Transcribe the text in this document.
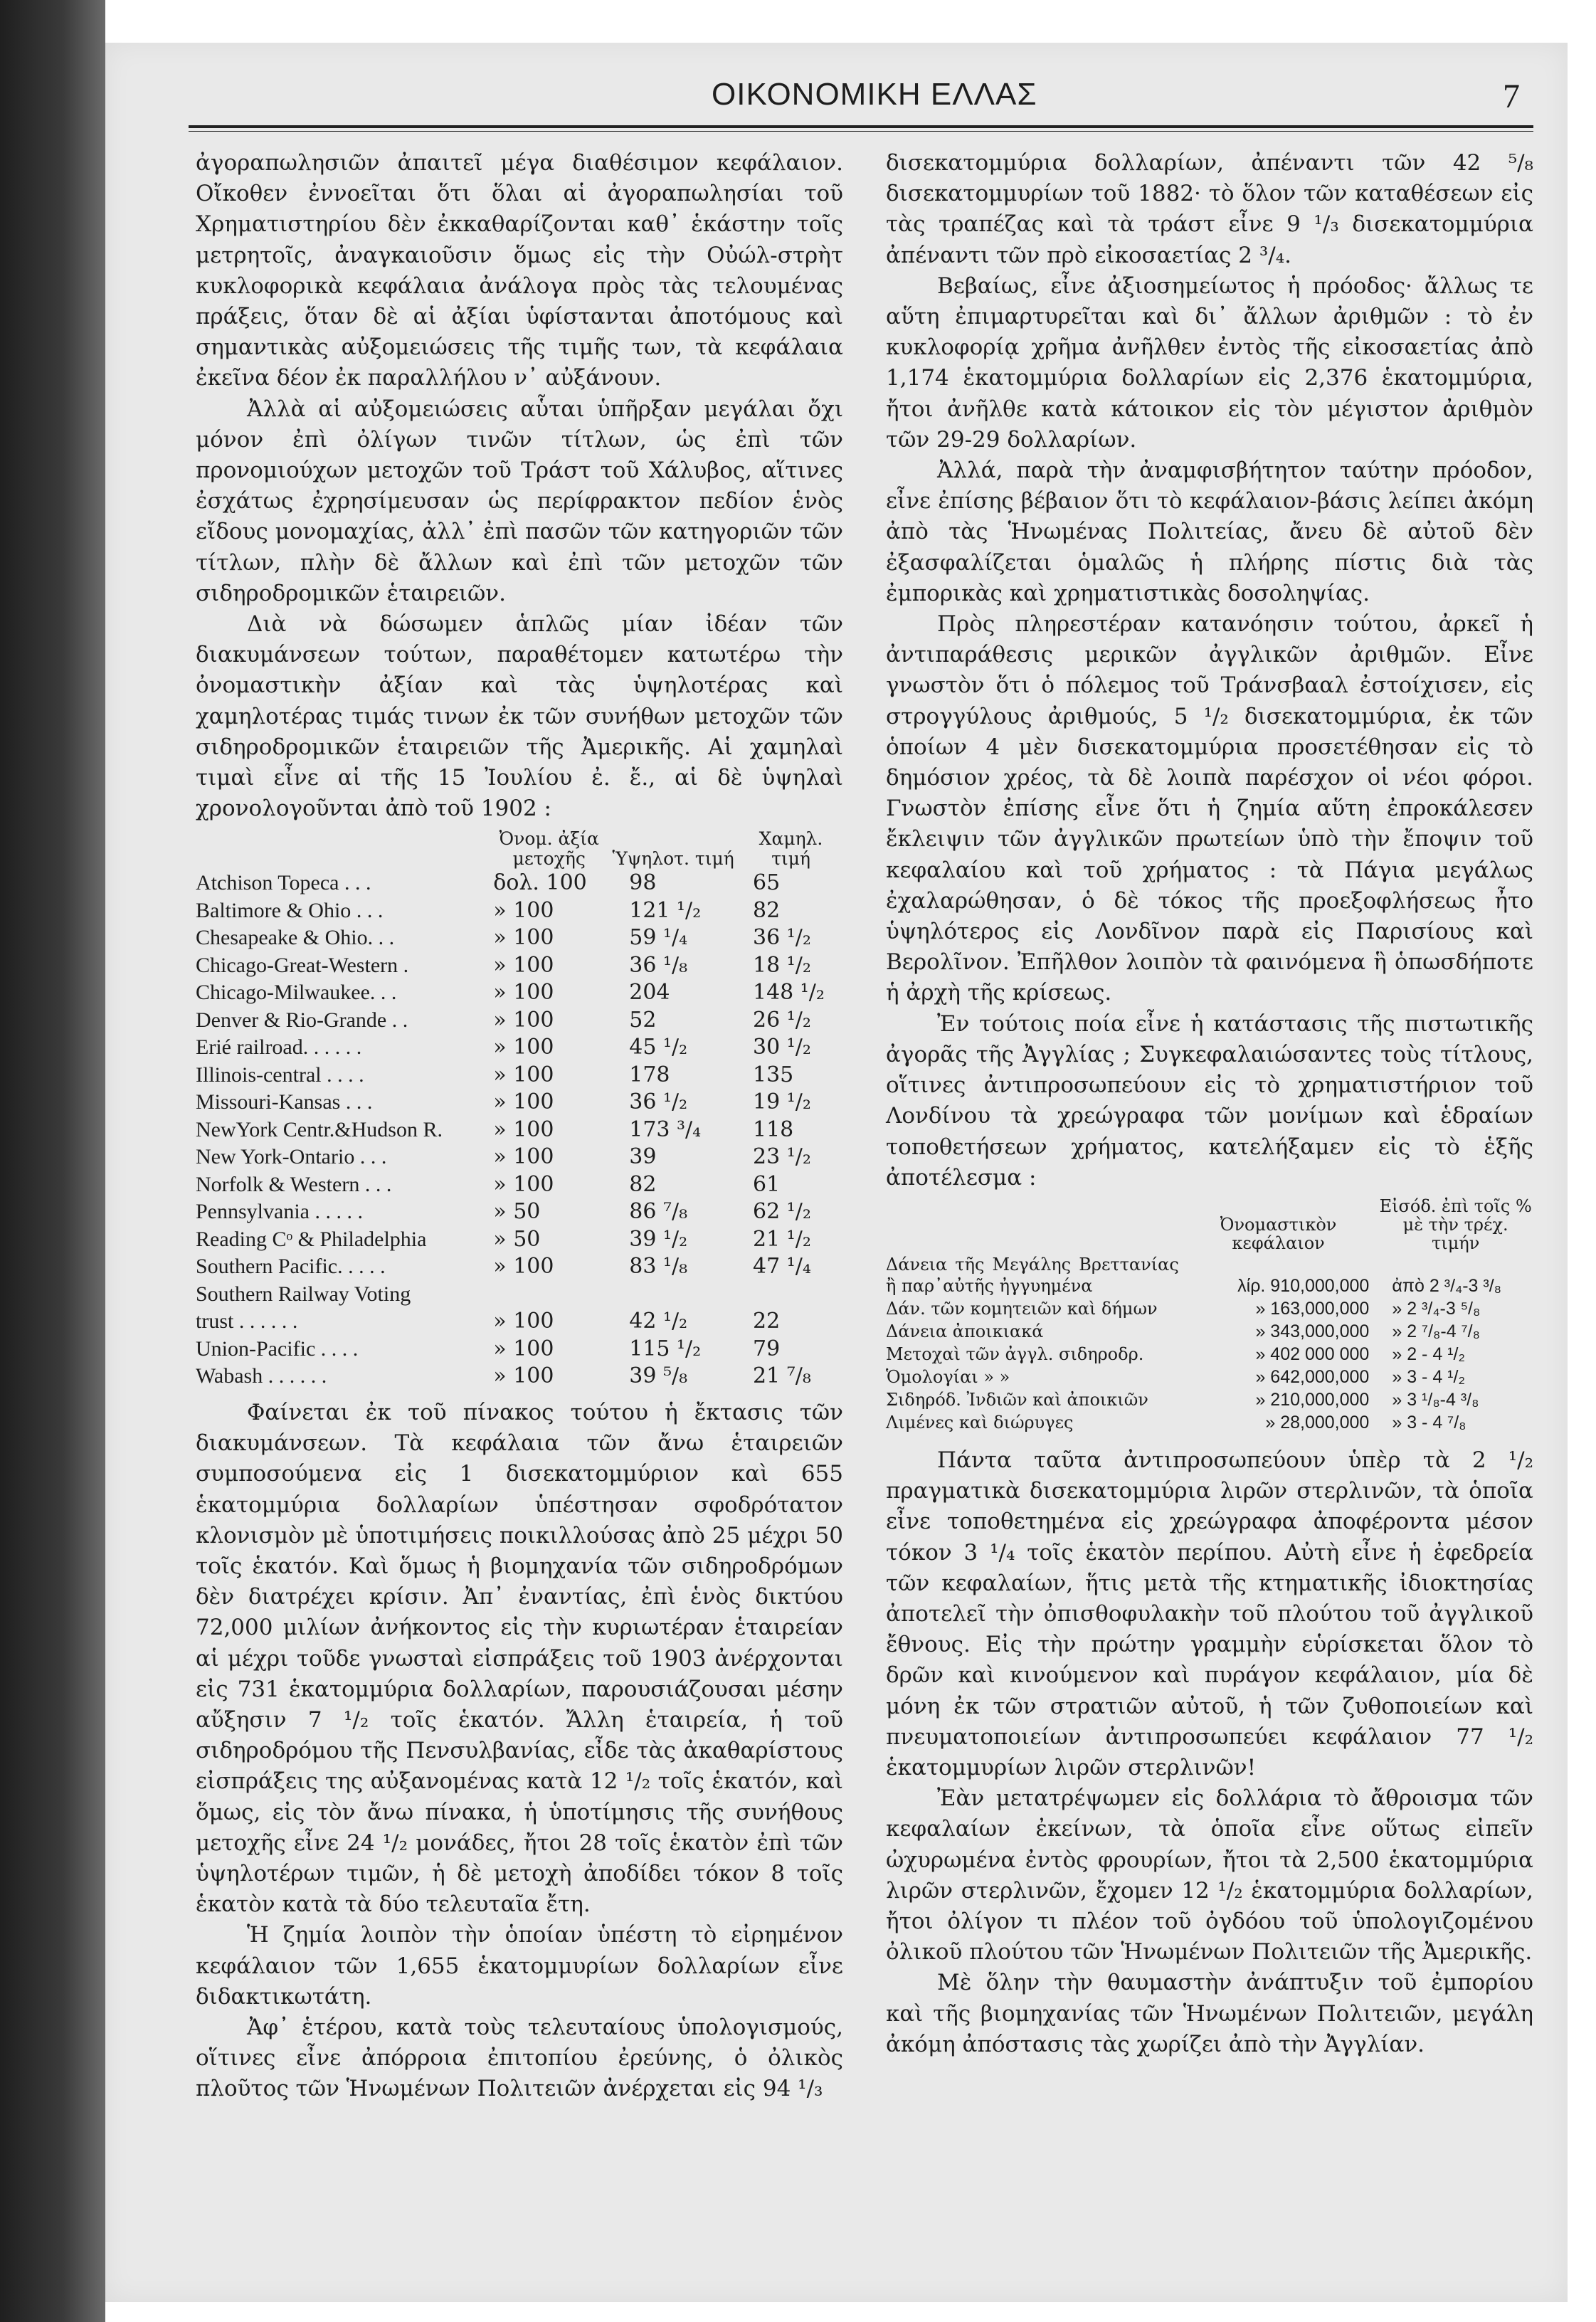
ΟΙΚΟΝΟΜΙΚΗ ΕΛΛΑΣ	7

ἀγοραπωλησιῶν ἀπαιτεῖ μέγα διαθέσιμον κεφάλαιον. Οἴκοθεν ἐννοεῖται ὅτι ὅλαι αἱ ἀγοραπωλησίαι τοῦ Χρηματιστηρίου δὲν ἐκκαθαρίζονται καθ᾽ ἑκάστην τοῖς μετρητοῖς, ἀναγκαιοῦσιν ὅμως εἰς τὴν Οὐώλ-στρὴτ κυκλοφορικὰ κεφάλαια ἀνάλογα πρὸς τὰς τελουμένας πράξεις, ὅταν δὲ αἱ ἀξίαι ὑφίστανται ἀποτόμους καὶ σημαντικὰς αὐξομειώσεις τῆς τιμῆς των, τὰ κεφάλαια ἐκεῖνα δέον ἐκ παραλλήλου ν᾽ αὐξάνουν.

Ἀλλὰ αἱ αὐξομειώσεις αὗται ὑπῆρξαν μεγάλαι ὄχι μόνον ἐπὶ ὀλίγων τινῶν τίτλων, ὡς ἐπὶ τῶν προνομιούχων μετοχῶν τοῦ Τράστ τοῦ Χάλυβος, αἵτινες ἐσχάτως ἐχρησίμευσαν ὡς περίφρακτον πεδίον ἑνὸς εἴδους μονομαχίας, ἀλλ᾽ ἐπὶ πασῶν τῶν κατηγοριῶν τῶν τίτλων, πλὴν δὲ ἄλλων καὶ ἐπὶ τῶν μετοχῶν τῶν σιδηροδρομικῶν ἑταιρειῶν.

Διὰ νὰ δώσωμεν ἁπλῶς μίαν ἰδέαν τῶν διακυμάνσεων τούτων, παραθέτομεν κατωτέρω τὴν ὀνομαστικὴν ἀξίαν καὶ τὰς ὑψηλοτέρας καὶ χαμηλοτέρας τιμάς τινων ἐκ τῶν συνήθων μετοχῶν τῶν σιδηροδρομικῶν ἑταιρειῶν τῆς Ἀμερικῆς. Αἱ χαμηλαὶ τιμαὶ εἶνε αἱ τῆς 15 Ἰουλίου ἐ. ἔ., αἱ δὲ ὑψηλαὶ χρονολογοῦνται ἀπὸ τοῦ 1902 :

	Ὀνομ. ἀξία μετοχῆς	Ὑψηλοτ. τιμή	Χαμηλ. τιμή
Atchison Topeca . . .	δολ. 100	98	65
Baltimore & Ohio . . .	» 100	121 ¹/₂	82
Chesapeake & Ohio. . .	» 100	59 ¹/₄	36 ¹/₂
Chicago-Great-Western .	» 100	36 ¹/₈	18 ¹/₂
Chicago-Milwaukee. . .	» 100	204	148 ¹/₂
Denver & Rio-Grande . .	» 100	52	26 ¹/₂
Erié railroad. . . . . .	» 100	45 ¹/₂	30 ¹/₂
Illinois-central . . . .	» 100	178	135
Missouri-Kansas . . .	» 100	36 ¹/₂	19 ¹/₂
NewYork Centr.&Hudson R.	» 100	173 ³/₄	118
New York-Ontario . . .	» 100	39	23 ¹/₂
Norfolk & Western . . .	» 100	82	61
Pennsylvania . . . . .	» 50	86 ⁷/₈	62 ¹/₂
Reading Cᵒ & Philadelphia	» 50	39 ¹/₂	21 ¹/₂
Southern Pacific. . . . .	» 100	83 ¹/₈	47 ¹/₄
Southern Railway Voting			
trust . . . . . .	» 100	42 ¹/₂	22
Union-Pacific . . . .	» 100	115 ¹/₂	79
Wabash . . . . . .	» 100	39 ⁵/₈	21 ⁷/₈

Φαίνεται ἐκ τοῦ πίνακος τούτου ἡ ἔκτασις τῶν διακυμάνσεων. Τὰ κεφάλαια τῶν ἄνω ἑταιρειῶν συμποσούμενα εἰς 1 δισεκατομμύριον καὶ 655 ἑκατομμύρια δολλαρίων ὑπέστησαν σφοδρότατον κλονισμὸν μὲ ὑποτιμήσεις ποικιλλούσας ἀπὸ 25 μέχρι 50 τοῖς ἑκατόν. Καὶ ὅμως ἡ βιομηχανία τῶν σιδηροδρόμων δὲν διατρέχει κρίσιν. Ἀπ᾽ ἐναντίας, ἐπὶ ἑνὸς δικτύου 72,000 μιλίων ἀνήκοντος εἰς τὴν κυριωτέραν ἑταιρείαν αἱ μέχρι τοῦδε γνωσταὶ εἰσπράξεις τοῦ 1903 ἀνέρχονται εἰς 731 ἑκατομμύρια δολλαρίων, παρουσιάζουσαι μέσην αὔξησιν 7 ¹/₂ τοῖς ἑκατόν. Ἄλλη ἑταιρεία, ἡ τοῦ σιδηροδρόμου τῆς Πενσυλβανίας, εἶδε τὰς ἀκαθαρίστους εἰσπράξεις της αὐξανομένας κατὰ 12 ¹/₂ τοῖς ἑκατόν, καὶ ὅμως, εἰς τὸν ἄνω πίνακα, ἡ ὑποτίμησις τῆς συνήθους μετοχῆς εἶνε 24 ¹/₂ μονάδες, ἤτοι 28 τοῖς ἑκατὸν ἐπὶ τῶν ὑψηλοτέρων τιμῶν, ἡ δὲ μετοχὴ ἀποδίδει τόκον 8 τοῖς ἑκατὸν κατὰ τὰ δύο τελευταῖα ἔτη.

Ἡ ζημία λοιπὸν τὴν ὁποίαν ὑπέστη τὸ εἰρημένον κεφάλαιον τῶν 1,655 ἑκατομμυρίων δολλαρίων εἶνε διδακτικωτάτη.

Ἀφ᾽ ἑτέρου, κατὰ τοὺς τελευταίους ὑπολογισμούς, οἵτινες εἶνε ἀπόρροια ἐπιτοπίου ἐρεύνης, ὁ ὀλικὸς πλοῦτος τῶν Ἡνωμένων Πολιτειῶν ἀνέρχεται εἰς 94 ¹/₃

δισεκατομμύρια δολλαρίων, ἀπέναντι τῶν 42 ⁵/₈ δισεκατομμυρίων τοῦ 1882· τὸ ὅλον τῶν καταθέσεων εἰς τὰς τραπέζας καὶ τὰ τράστ εἶνε 9 ¹/₃ δισεκατομμύρια ἀπέναντι τῶν πρὸ εἰκοσαετίας 2 ³/₄.

Βεβαίως, εἶνε ἀξιοσημείωτος ἡ πρόοδος· ἄλλως τε αὕτη ἐπιμαρτυρεῖται καὶ δι᾽ ἄλλων ἀριθμῶν : τὸ ἐν κυκλοφορίᾳ χρῆμα ἀνῆλθεν ἐντὸς τῆς εἰκοσαετίας ἀπὸ 1,174 ἑκατομμύρια δολλαρίων εἰς 2,376 ἑκατομμύρια, ἤτοι ἀνῆλθε κατὰ κάτοικον εἰς τὸν μέγιστον ἀριθμὸν τῶν 29-29 δολλαρίων.

Ἀλλά, παρὰ τὴν ἀναμφισβήτητον ταύτην πρόοδον, εἶνε ἐπίσης βέβαιον ὅτι τὸ κεφάλαιον-βάσις λείπει ἀκόμη ἀπὸ τὰς Ἡνωμένας Πολιτείας, ἄνευ δὲ αὐτοῦ δὲν ἐξασφαλίζεται ὁμαλῶς ἡ πλήρης πίστις διὰ τὰς ἐμπορικὰς καὶ χρηματιστικὰς δοσοληψίας.

Πρὸς πληρεστέραν κατανόησιν τούτου, ἀρκεῖ ἡ ἀντιπαράθεσις μερικῶν ἀγγλικῶν ἀριθμῶν. Εἶνε γνωστὸν ὅτι ὁ πόλεμος τοῦ Τράνσβααλ ἐστοίχισεν, εἰς στρογγύλους ἀριθμούς, 5 ¹/₂ δισεκατομμύρια, ἐκ τῶν ὁποίων 4 μὲν δισεκατομμύρια προσετέθησαν εἰς τὸ δημόσιον χρέος, τὰ δὲ λοιπὰ παρέσχον οἱ νέοι φόροι. Γνωστὸν ἐπίσης εἶνε ὅτι ἡ ζημία αὕτη ἐπροκάλεσεν ἔκλειψιν τῶν ἀγγλικῶν πρωτείων ὑπὸ τὴν ἔποψιν τοῦ κεφαλαίου καὶ τοῦ χρήματος : τὰ Πάγια μεγάλως ἐχαλαρώθησαν, ὁ δὲ τόκος τῆς προεξοφλήσεως ἦτο ὑψηλότερος εἰς Λονδῖνον παρὰ εἰς Παρισίους καὶ Βερολῖνον. Ἐπῆλθον λοιπὸν τὰ φαινόμενα ἣ ὁπωσδήποτε ἡ ἀρχὴ τῆς κρίσεως.

Ἐν τούτοις ποία εἶνε ἡ κατάστασις τῆς πιστωτικῆς ἀγορᾶς τῆς Ἀγγλίας ; Συγκεφαλαιώσαντες τοὺς τίτλους, οἵτινες ἀντιπροσωπεύουν εἰς τὸ χρηματιστήριον τοῦ Λονδίνου τὰ χρεώγραφα τῶν μονίμων καὶ ἑδραίων τοποθετήσεων χρήματος, κατελήξαμεν εἰς τὸ ἑξῆς ἀποτέλεσμα :

	Ὀνομαστικὸν κεφάλαιον	Εἰσόδ. ἐπὶ τοῖς % μὲ τὴν τρέχ. τιμήν
Δάνεια τῆς Μεγάλης Βρεττανίας ἢ παρ᾽αὐτῆς ἠγγυημένα	λίρ. 910,000,000	ἀπὸ 2 ³/₄-3 ³/₈
Δάν. τῶν κομητειῶν καὶ δήμων	» 163,000,000	» 2 ³/₄-3 ⁵/₈
Δάνεια ἀποικιακά	» 343,000,000	» 2 ⁷/₈-4 ⁷/₈
Μετοχαὶ τῶν ἀγγλ. σιδηροδρ.	» 402 000 000	» 2 - 4 ¹/₂
Ὁμολογίαι » »	» 642,000,000	» 3 - 4 ¹/₂
Σιδηρόδ. Ἰνδιῶν καὶ ἀποικιῶν	» 210,000,000	» 3 ¹/₈-4 ³/₈
Λιμένες καὶ διώρυγες	» 28,000,000	» 3 - 4 ⁷/₈

Πάντα ταῦτα ἀντιπροσωπεύουν ὑπὲρ τὰ 2 ¹/₂ πραγματικὰ δισεκατομμύρια λιρῶν στερλινῶν, τὰ ὁποῖα εἶνε τοποθετημένα εἰς χρεώγραφα ἀποφέροντα μέσον τόκον 3 ¹/₄ τοῖς ἑκατὸν περίπου. Αὐτὴ εἶνε ἡ ἐφεδρεία τῶν κεφαλαίων, ἥτις μετὰ τῆς κτηματικῆς ἰδιοκτησίας ἀποτελεῖ τὴν ὀπισθοφυλακὴν τοῦ πλούτου τοῦ ἀγγλικοῦ ἔθνους. Εἰς τὴν πρώτην γραμμὴν εὑρίσκεται ὅλον τὸ δρῶν καὶ κινούμενον καὶ πυράγον κεφάλαιον, μία δὲ μόνη ἐκ τῶν στρατιῶν αὐτοῦ, ἡ τῶν ζυθοποιείων καὶ πνευματοποιείων ἀντιπροσωπεύει κεφάλαιον 77 ¹/₂ ἑκατομμυρίων λιρῶν στερλινῶν!

Ἐὰν μετατρέψωμεν εἰς δολλάρια τὸ ἄθροισμα τῶν κεφαλαίων ἐκείνων, τὰ ὁποῖα εἶνε οὕτως εἰπεῖν ὠχυρωμένα ἐντὸς φρουρίων, ἤτοι τὰ 2,500 ἑκατομμύρια λιρῶν στερλινῶν, ἔχομεν 12 ¹/₂ ἑκατομμύρια δολλαρίων, ἤτοι ὀλίγον τι πλέον τοῦ ὀγδόου τοῦ ὑπολογιζομένου ὀλικοῦ πλούτου τῶν Ἡνωμένων Πολιτειῶν τῆς Ἀμερικῆς.

Μὲ ὅλην τὴν θαυμαστὴν ἀνάπτυξιν τοῦ ἐμπορίου καὶ τῆς βιομηχανίας τῶν Ἡνωμένων Πολιτειῶν, μεγάλη ἀκόμη ἀπόστασις τὰς χωρίζει ἀπὸ τὴν Ἀγγλίαν.
